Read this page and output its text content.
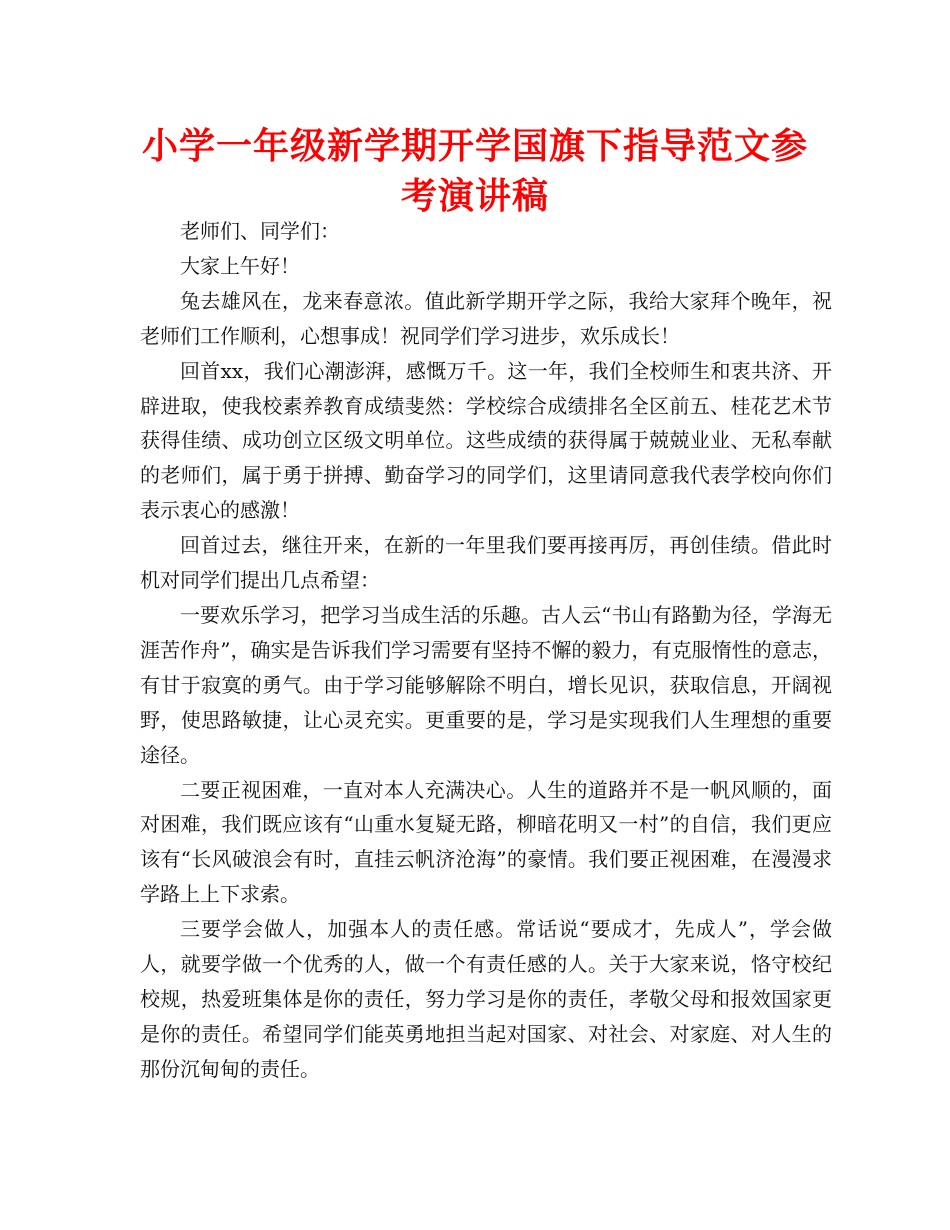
小学一年级新学期开学国旗下指导范文参考演讲稿

老师们、同学们：

大家上午好！

兔去雄风在，龙来春意浓。值此新学期开学之际，我给大家拜个晚年，祝老师们工作顺利，心想事成！祝同学们学习进步，欢乐成长！

回首xx，我们心潮澎湃，感慨万千。这一年，我们全校师生和衷共济、开辟进取，使我校素养教育成绩斐然：学校综合成绩排名全区前五、桂花艺术节获得佳绩、成功创立区级文明单位。这些成绩的获得属于兢兢业业、无私奉献的老师们，属于勇于拼搏、勤奋学习的同学们，这里请同意我代表学校向你们表示衷心的感激！

回首过去，继往开来，在新的一年里我们要再接再厉，再创佳绩。借此时机对同学们提出几点希望：

一要欢乐学习，把学习当成生活的乐趣。古人云“书山有路勤为径，学海无涯苦作舟”，确实是告诉我们学习需要有坚持不懈的毅力，有克服惰性的意志，有甘于寂寞的勇气。由于学习能够解除不明白，增长见识，获取信息，开阔视野，使思路敏捷，让心灵充实。更重要的是，学习是实现我们人生理想的重要途径。

二要正视困难，一直对本人充满决心。人生的道路并不是一帆风顺的，面对困难，我们既应该有“山重水复疑无路，柳暗花明又一村”的自信，我们更应该有“长风破浪会有时，直挂云帆济沧海”的豪情。我们要正视困难，在漫漫求学路上上下求索。

三要学会做人，加强本人的责任感。常话说“要成才，先成人”，学会做人，就要学做一个优秀的人，做一个有责任感的人。关于大家来说，恪守校纪校规，热爱班集体是你的责任，努力学习是你的责任，孝敬父母和报效国家更是你的责任。希望同学们能英勇地担当起对国家、对社会、对家庭、对人生的那份沉甸甸的责任。
